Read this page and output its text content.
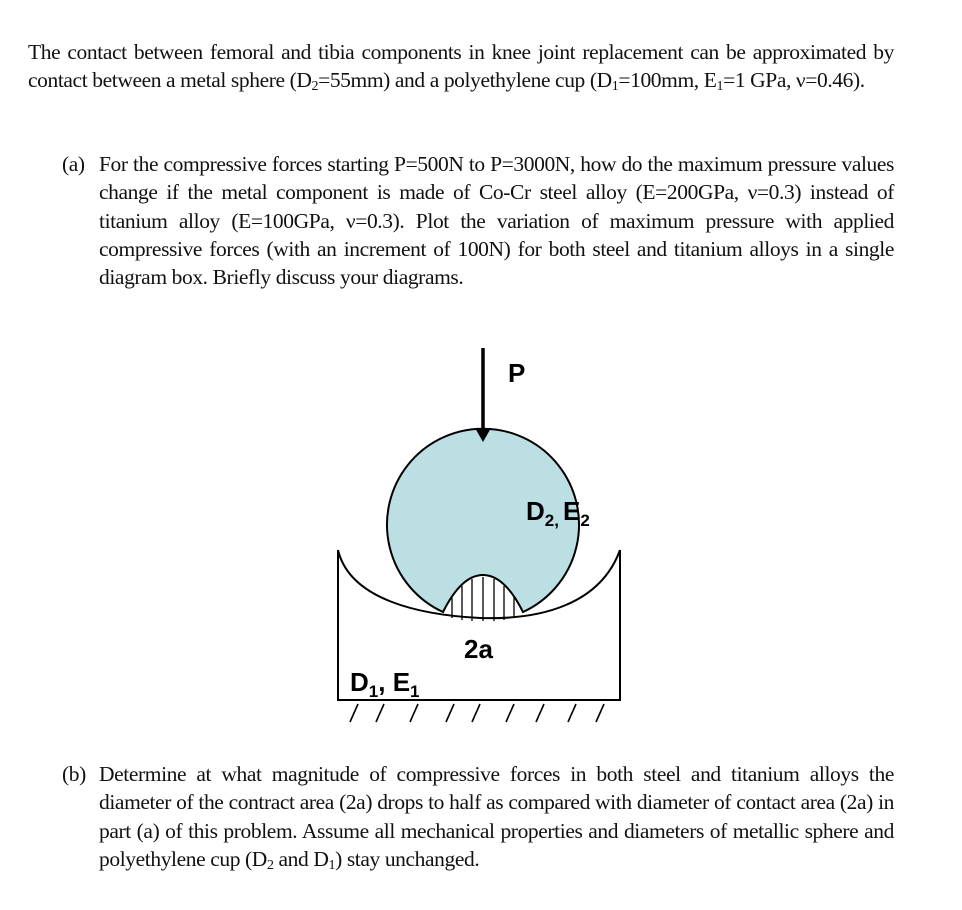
The contact between femoral and tibia components in knee joint replacement can be approximated by contact between a metal sphere $(D_2=55mm)$ and a polyethylene cup ($D_1=100mm$, $E_1=1$ GPa, ν=0.46).
(a) For the compressive forces starting P=500N to P=3000N, how do the maximum pressure values change if the metal component is made of Co-Cr steel alloy (E=200GPa, ν=0.3) instead of titanium alloy (E=100GPa, ν=0.3). Plot the variation of maximum pressure with applied compressive forces (with an increment of 100N) for both steel and titanium alloys in a single diagram box. Briefly discuss your diagrams.
P
$D_{2,}$ $E_2$
2a
$D_1$, $E_1$
(b) Determine at what magnitude of compressive forces in both steel and titanium alloys the diameter of the contract area (2a) drops to half as compared with diameter of contact area (2a) in part (a) of this problem. Assume all mechanical properties and diameters of metallic sphere and polyethylene cup ($D_2$ and $D_1$) stay unchanged.
